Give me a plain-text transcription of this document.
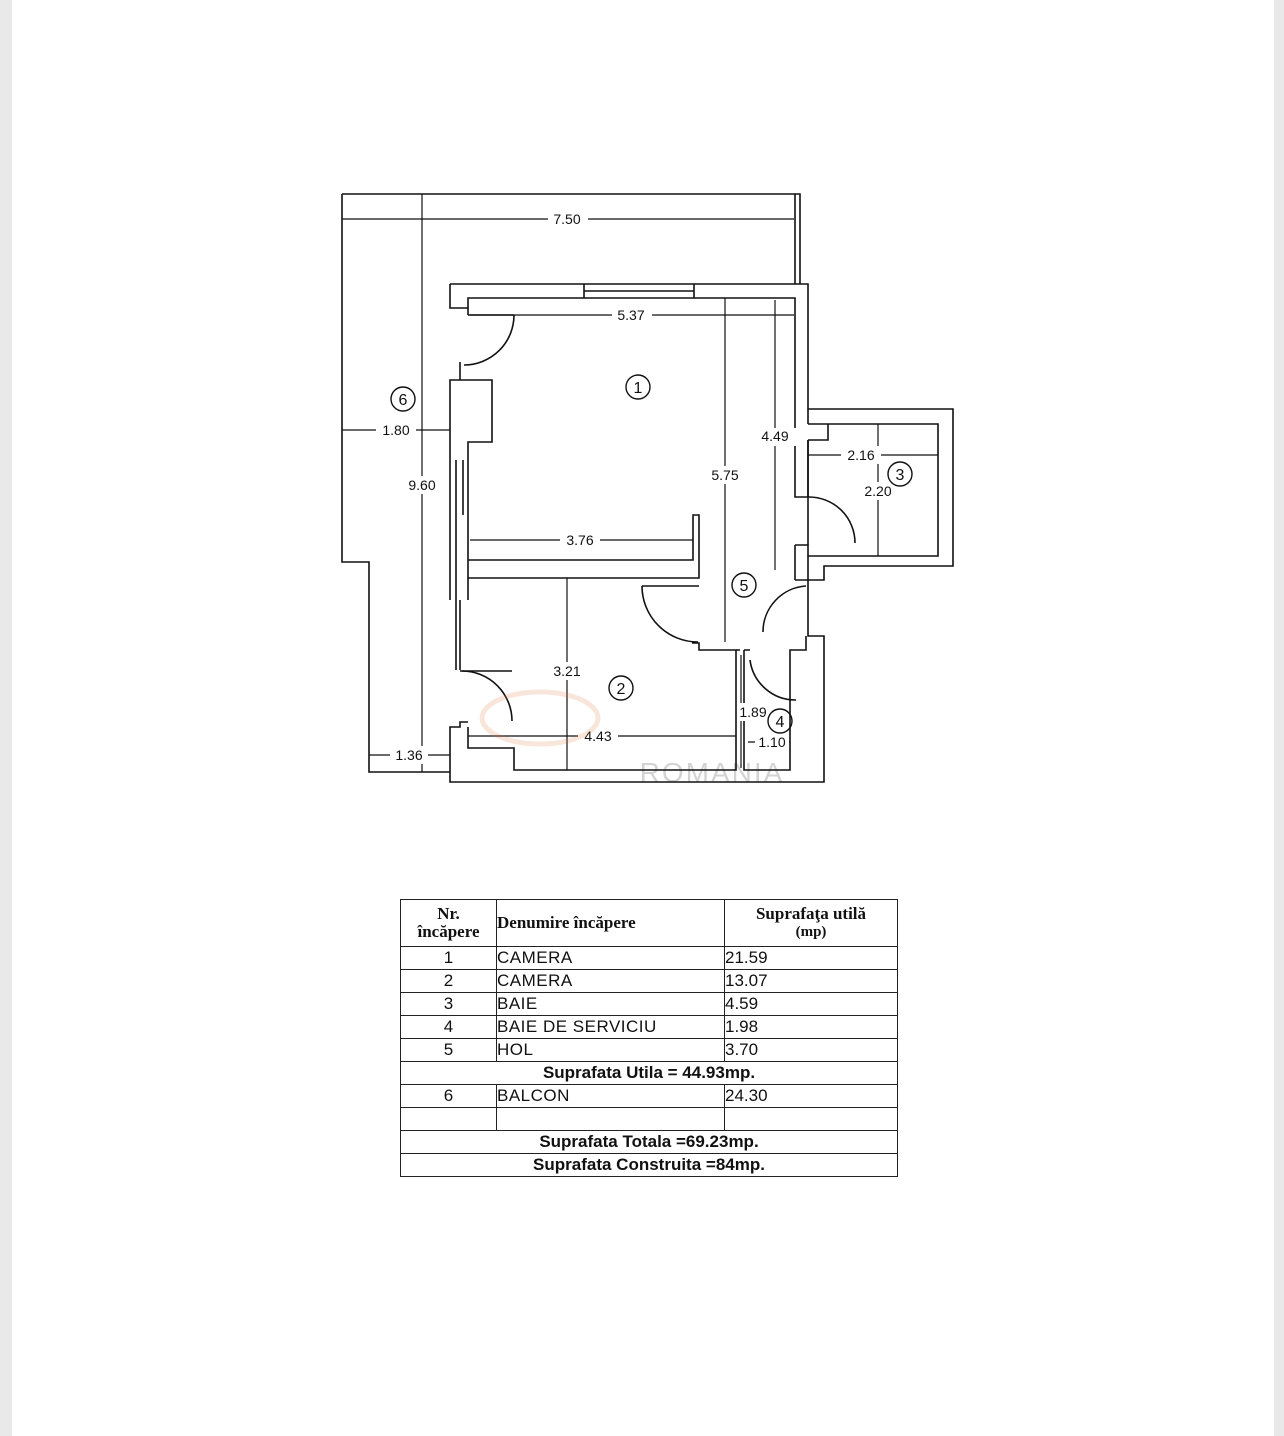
7.50
5.37
4.49
5.75
1.80
9.60
2.16
2.20
3.76
3.21
4.43
1.89
1.10
1.36
1
2
3
4
5
6
ROMANIA
Nr.
încăpere	Denumire încăpere	Suprafaţa utilă
(mp)

1	CAMERA	21.59
2	CAMERA	13.07
3	BAIE	4.59
4	BAIE DE SERVICIU	1.98
5	HOL	3.70
Suprafata Utila = 44.93mp.		
6	BALCON	24.30

Suprafata Totala =69.23mp.		
Suprafata Construita =84mp.		
